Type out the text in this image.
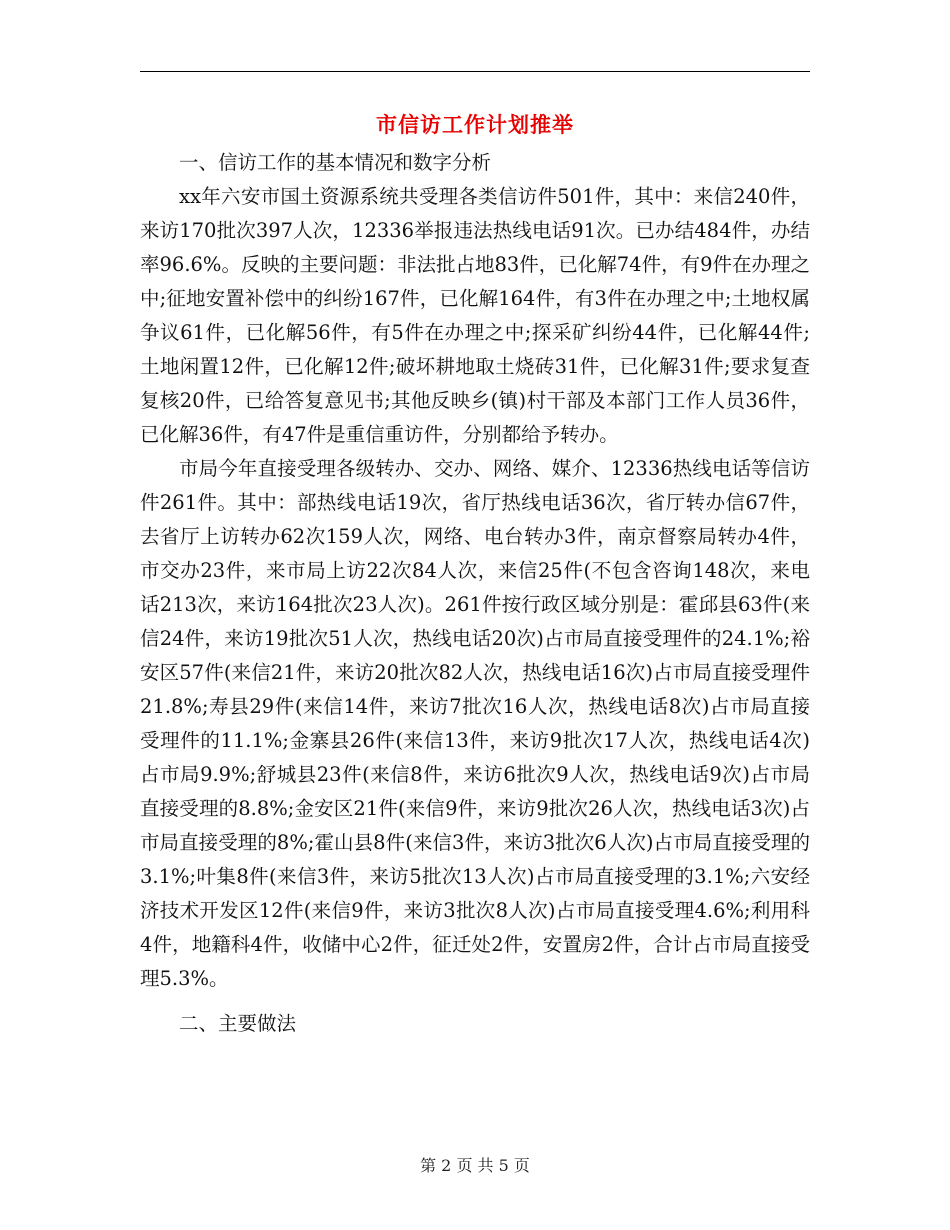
市信访工作计划推举

一、信访工作的基本情况和数字分析

xx年六安市国土资源系统共受理各类信访件501件，其中：来信240件，来访170批次397人次，12336举报违法热线电话91次。已办结484件，办结率96.6%。反映的主要问题：非法批占地83件，已化解74件，有9件在办理之中;征地安置补偿中的纠纷167件，已化解164件，有3件在办理之中;土地权属争议61件，已化解56件，有5件在办理之中;探采矿纠纷44件，已化解44件;土地闲置12件，已化解12件;破坏耕地取土烧砖31件，已化解31件;要求复查复核20件，已给答复意见书;其他反映乡(镇)村干部及本部门工作人员36件，已化解36件，有47件是重信重访件，分别都给予转办。

市局今年直接受理各级转办、交办、网络、媒介、12336热线电话等信访件261件。其中：部热线电话19次，省厅热线电话36次，省厅转办信67件，去省厅上访转办62次159人次，网络、电台转办3件，南京督察局转办4件，市交办23件，来市局上访22次84人次，来信25件(不包含咨询148次，来电话213次，来访164批次23人次)。261件按行政区域分别是：霍邱县63件(来信24件，来访19批次51人次，热线电话20次)占市局直接受理件的24.1%;裕安区57件(来信21件，来访20批次82人次，热线电话16次)占市局直接受理件21.8%;寿县29件(来信14件，来访7批次16人次，热线电话8次)占市局直接受理件的11.1%;金寨县26件(来信13件，来访9批次17人次，热线电话4次)占市局9.9%;舒城县23件(来信8件，来访6批次9人次，热线电话9次)占市局直接受理的8.8%;金安区21件(来信9件，来访9批次26人次，热线电话3次)占市局直接受理的8%;霍山县8件(来信3件，来访3批次6人次)占市局直接受理的3.1%;叶集8件(来信3件，来访5批次13人次)占市局直接受理的3.1%;六安经济技术开发区12件(来信9件，来访3批次8人次)占市局直接受理4.6%;利用科4件，地籍科4件，收储中心2件，征迁处2件，安置房2件，合计占市局直接受理5.3%。

二、主要做法

第 2 页 共 5 页
